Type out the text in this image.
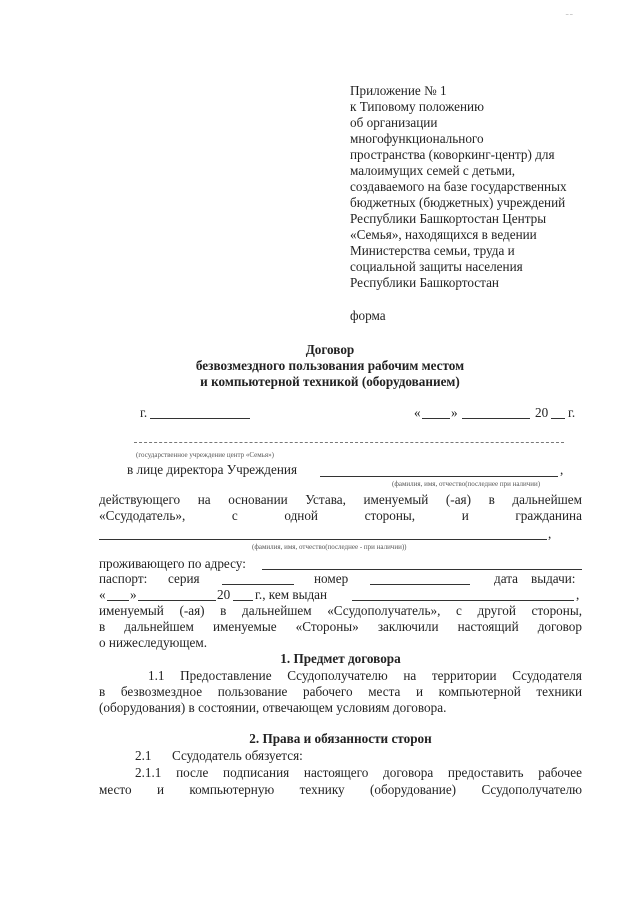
‾ ‾
Приложение № 1
к Типовому положению
об организации
многофункционального
пространства (коворкинг-центр) для
малоимущих семей с детьми,
создаваемого на базе государственных
бюджетных (бюджетных) учреждений
Республики Башкортостан Центры
«Семья», находящихся в ведении
Министерства семьи, труда и
социальной защиты населения
Республики Башкортостан
форма
Договор
безвозмездного пользования рабочим местом
и компьютерной техникой (оборудованием)
г.	« »	20 г.
(государственное учреждение центр «Семья»)
в лице директора Учреждения	,
(фамилия, имя, отчество(последнее при наличии)
действующего на основании Устава, именуемый (-ая) в дальнейшем
«Ссудодатель»,	с	одной	стороны,	и	гражданина
,
(фамилия, имя, отчество(последнее - при наличии))
проживающего по адресу:
паспорт: серия	номер	дата выдачи:
« »	20 г., кем выдан	,
именуемый (-ая) в дальнейшем «Ссудополучатель», с другой стороны,
в дальнейшем именуемые «Стороны» заключили настоящий договор
о нижеследующем.
1. Предмет договора
1.1 Предоставление Ссудополучателю на территории Ссудодателя
в безвозмездное пользование рабочего места и компьютерной техники
(оборудования) в состоянии, отвечающем условиям договора.
2. Права и обязанности сторон
2.1 Ссудодатель обязуется:
2.1.1 после подписания настоящего договора предоставить рабочее
место и компьютерную технику (оборудование) Ссудополучателю
